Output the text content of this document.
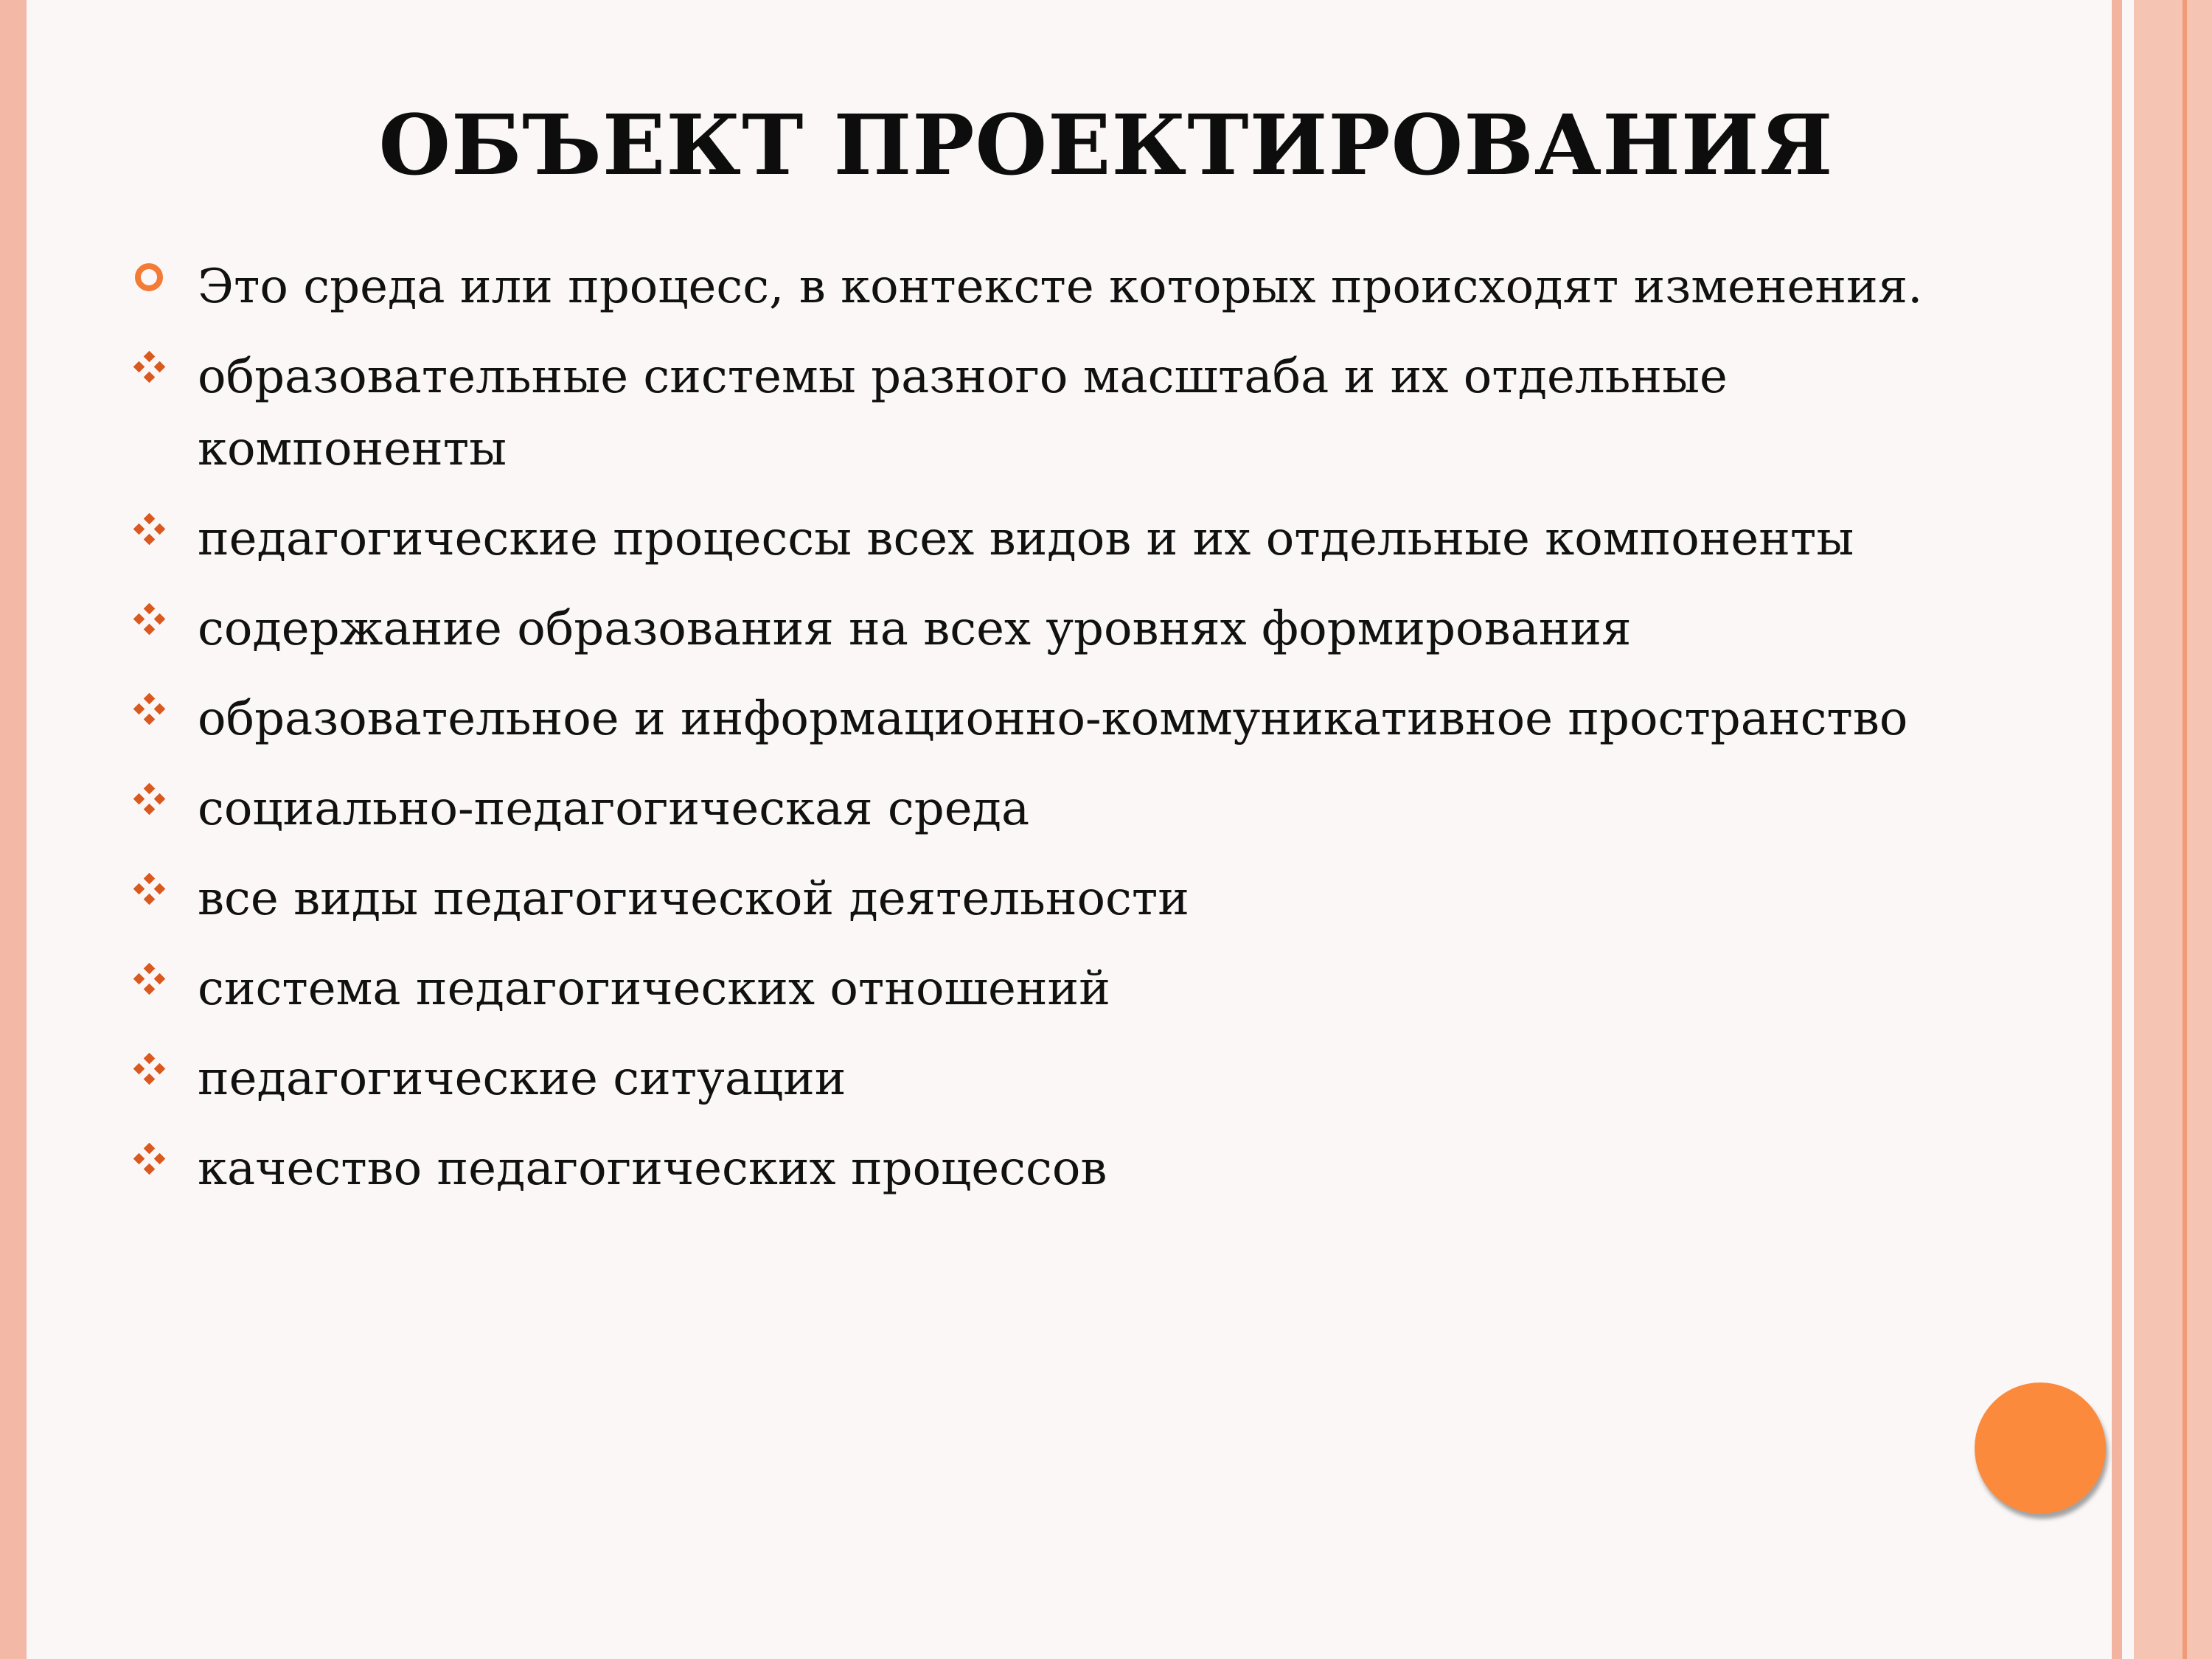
ОБЪЕКТ ПРОЕКТИРОВАНИЯ
Это среда или процесс, в контексте которых происходят изменения.
образовательные системы разного масштаба и их отдельные компоненты
педагогические процессы всех видов и их отдельные компоненты
содержание образования на всех уровнях формирования
образовательное и информационно-коммуникативное пространство
социально-педагогическая среда
все виды педагогической деятельности
система педагогических отношений
педагогические ситуации
качество педагогических процессов
